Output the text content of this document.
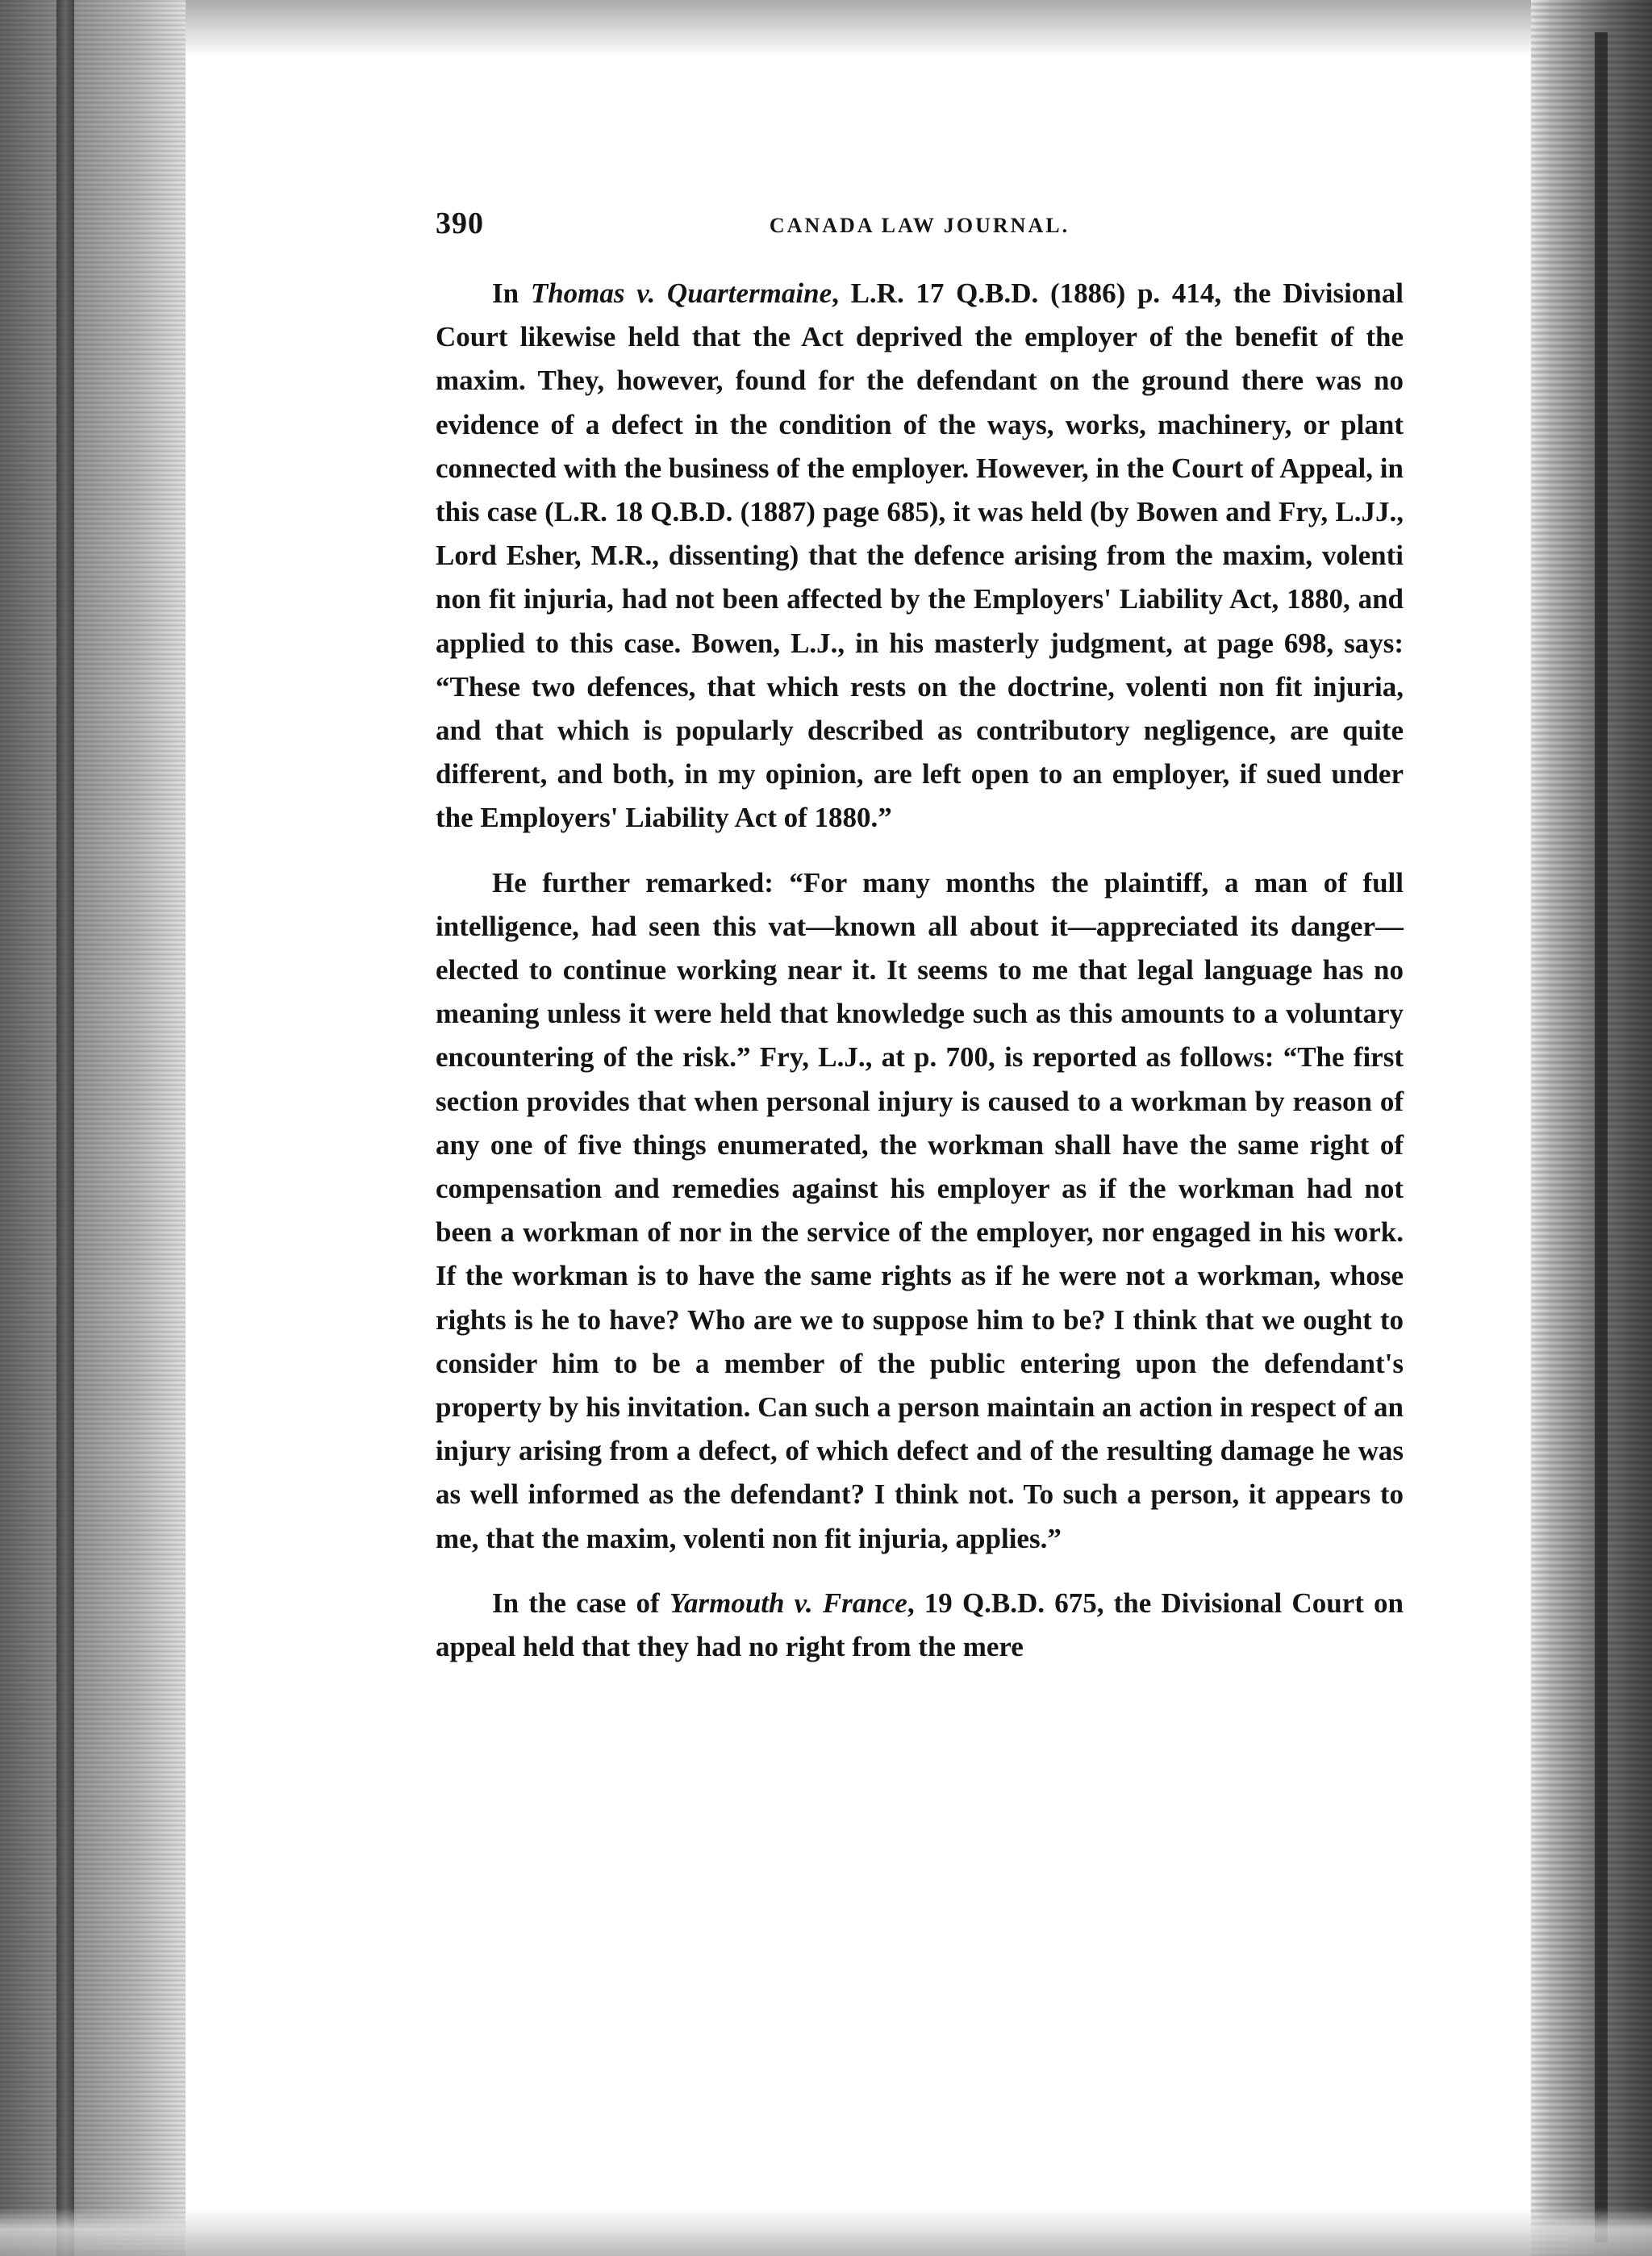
390	CANADA LAW JOURNAL.

In Thomas v. Quartermaine, L.R. 17 Q.B.D. (1886) p. 414, the Divisional Court likewise held that the Act deprived the employer of the benefit of the maxim. They, however, found for the defendant on the ground there was no evidence of a defect in the condition of the ways, works, machinery, or plant connected with the business of the employer. However, in the Court of Appeal, in this case (L.R. 18 Q.B.D. (1887) page 685), it was held (by Bowen and Fry, L.JJ., Lord Esher, M.R., dissenting) that the defence arising from the maxim, volenti non fit injuria, had not been affected by the Employers' Liability Act, 1880, and applied to this case. Bowen, L.J., in his masterly judgment, at page 698, says: “These two defences, that which rests on the doctrine, volenti non fit injuria, and that which is popularly described as contributory negligence, are quite different, and both, in my opinion, are left open to an employer, if sued under the Employers' Liability Act of 1880.”

He further remarked: “For many months the plaintiff, a man of full intelligence, had seen this vat—known all about it—appreciated its danger—elected to continue working near it. It seems to me that legal language has no meaning unless it were held that knowledge such as this amounts to a voluntary encountering of the risk.” Fry, L.J., at p. 700, is reported as follows: “The first section provides that when personal injury is caused to a workman by reason of any one of five things enumerated, the workman shall have the same right of compensation and remedies against his employer as if the workman had not been a workman of nor in the service of the employer, nor engaged in his work. If the workman is to have the same rights as if he were not a workman, whose rights is he to have? Who are we to suppose him to be? I think that we ought to consider him to be a member of the public entering upon the defendant's property by his invitation. Can such a person maintain an action in respect of an injury arising from a defect, of which defect and of the resulting damage he was as well informed as the defendant? I think not. To such a person, it appears to me, that the maxim, volenti non fit injuria, applies.”

In the case of Yarmouth v. France, 19 Q.B.D. 675, the Divisional Court on appeal held that they had no right from the mere
